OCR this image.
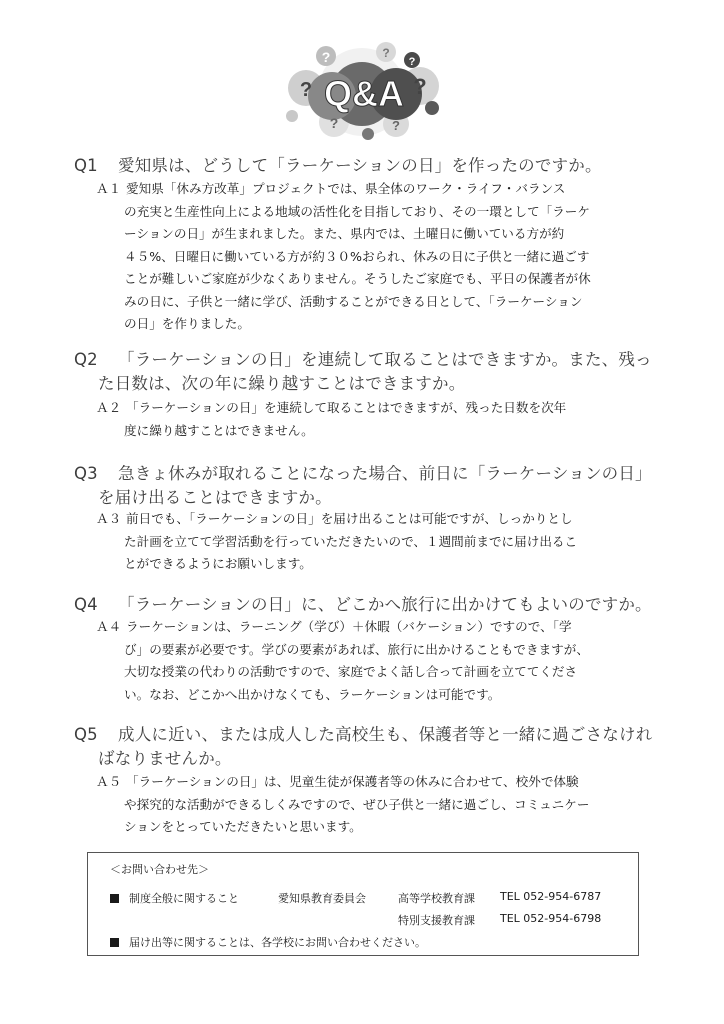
Q&A
?	?
?
?
?	?
?
Q1 愛知県は、どうして「ラーケーションの日」を作ったのですか。
Ａ１ 愛知県「休み方改革」プロジェクトでは、県全体のワーク・ライフ・バランス
の充実と生産性向上による地域の活性化を目指しており、その一環として「ラーケ
ーションの日」が生まれました。また、県内では、土曜日に働いている方が約
４５%、日曜日に働いている方が約３０%おられ、休みの日に子供と一緒に過ごす
ことが難しいご家庭が少なくありません。そうしたご家庭でも、平日の保護者が休
みの日に、子供と一緒に学び、活動することができる日として、「ラーケーション
の日」を作りました。
Q2 「ラーケーションの日」を連続して取ることはできますか。また、残っ
た日数は、次の年に繰り越すことはできますか。
Ａ２ 「ラーケーションの日」を連続して取ることはできますが、残った日数を次年
度に繰り越すことはできません。
Q3 急きょ休みが取れることになった場合、前日に「ラーケーションの日」
を届け出ることはできますか。
Ａ３ 前日でも、「ラーケーションの日」を届け出ることは可能ですが、しっかりとし
た計画を立てて学習活動を行っていただきたいので、１週間前までに届け出るこ
とができるようにお願いします。
Q4 「ラーケーションの日」に、どこかへ旅行に出かけてもよいのですか。
Ａ４ ラーケーションは、ラーニング（学び）＋休暇（バケーション）ですので、「学
び」の要素が必要です。学びの要素があれば、旅行に出かけることもできますが、
大切な授業の代わりの活動ですので、家庭でよく話し合って計画を立ててくださ
い。なお、どこかへ出かけなくても、ラーケーションは可能です。
Q5 成人に近い、または成人した高校生も、保護者等と一緒に過ごさなけれ
ばなりませんか。
Ａ５ 「ラーケーションの日」は、児童生徒が保護者等の休みに合わせて、校外で体験
や探究的な活動ができるしくみですので、ぜひ子供と一緒に過ごし、コミュニケー
ションをとっていただきたいと思います。
＜お問い合わせ先＞
制度全般に関すること	愛知県教育委員会	高等学校教育課 TEL 052-954-6787
特別支援教育課 TEL 052-954-6798
届け出等に関することは、各学校にお問い合わせください。
